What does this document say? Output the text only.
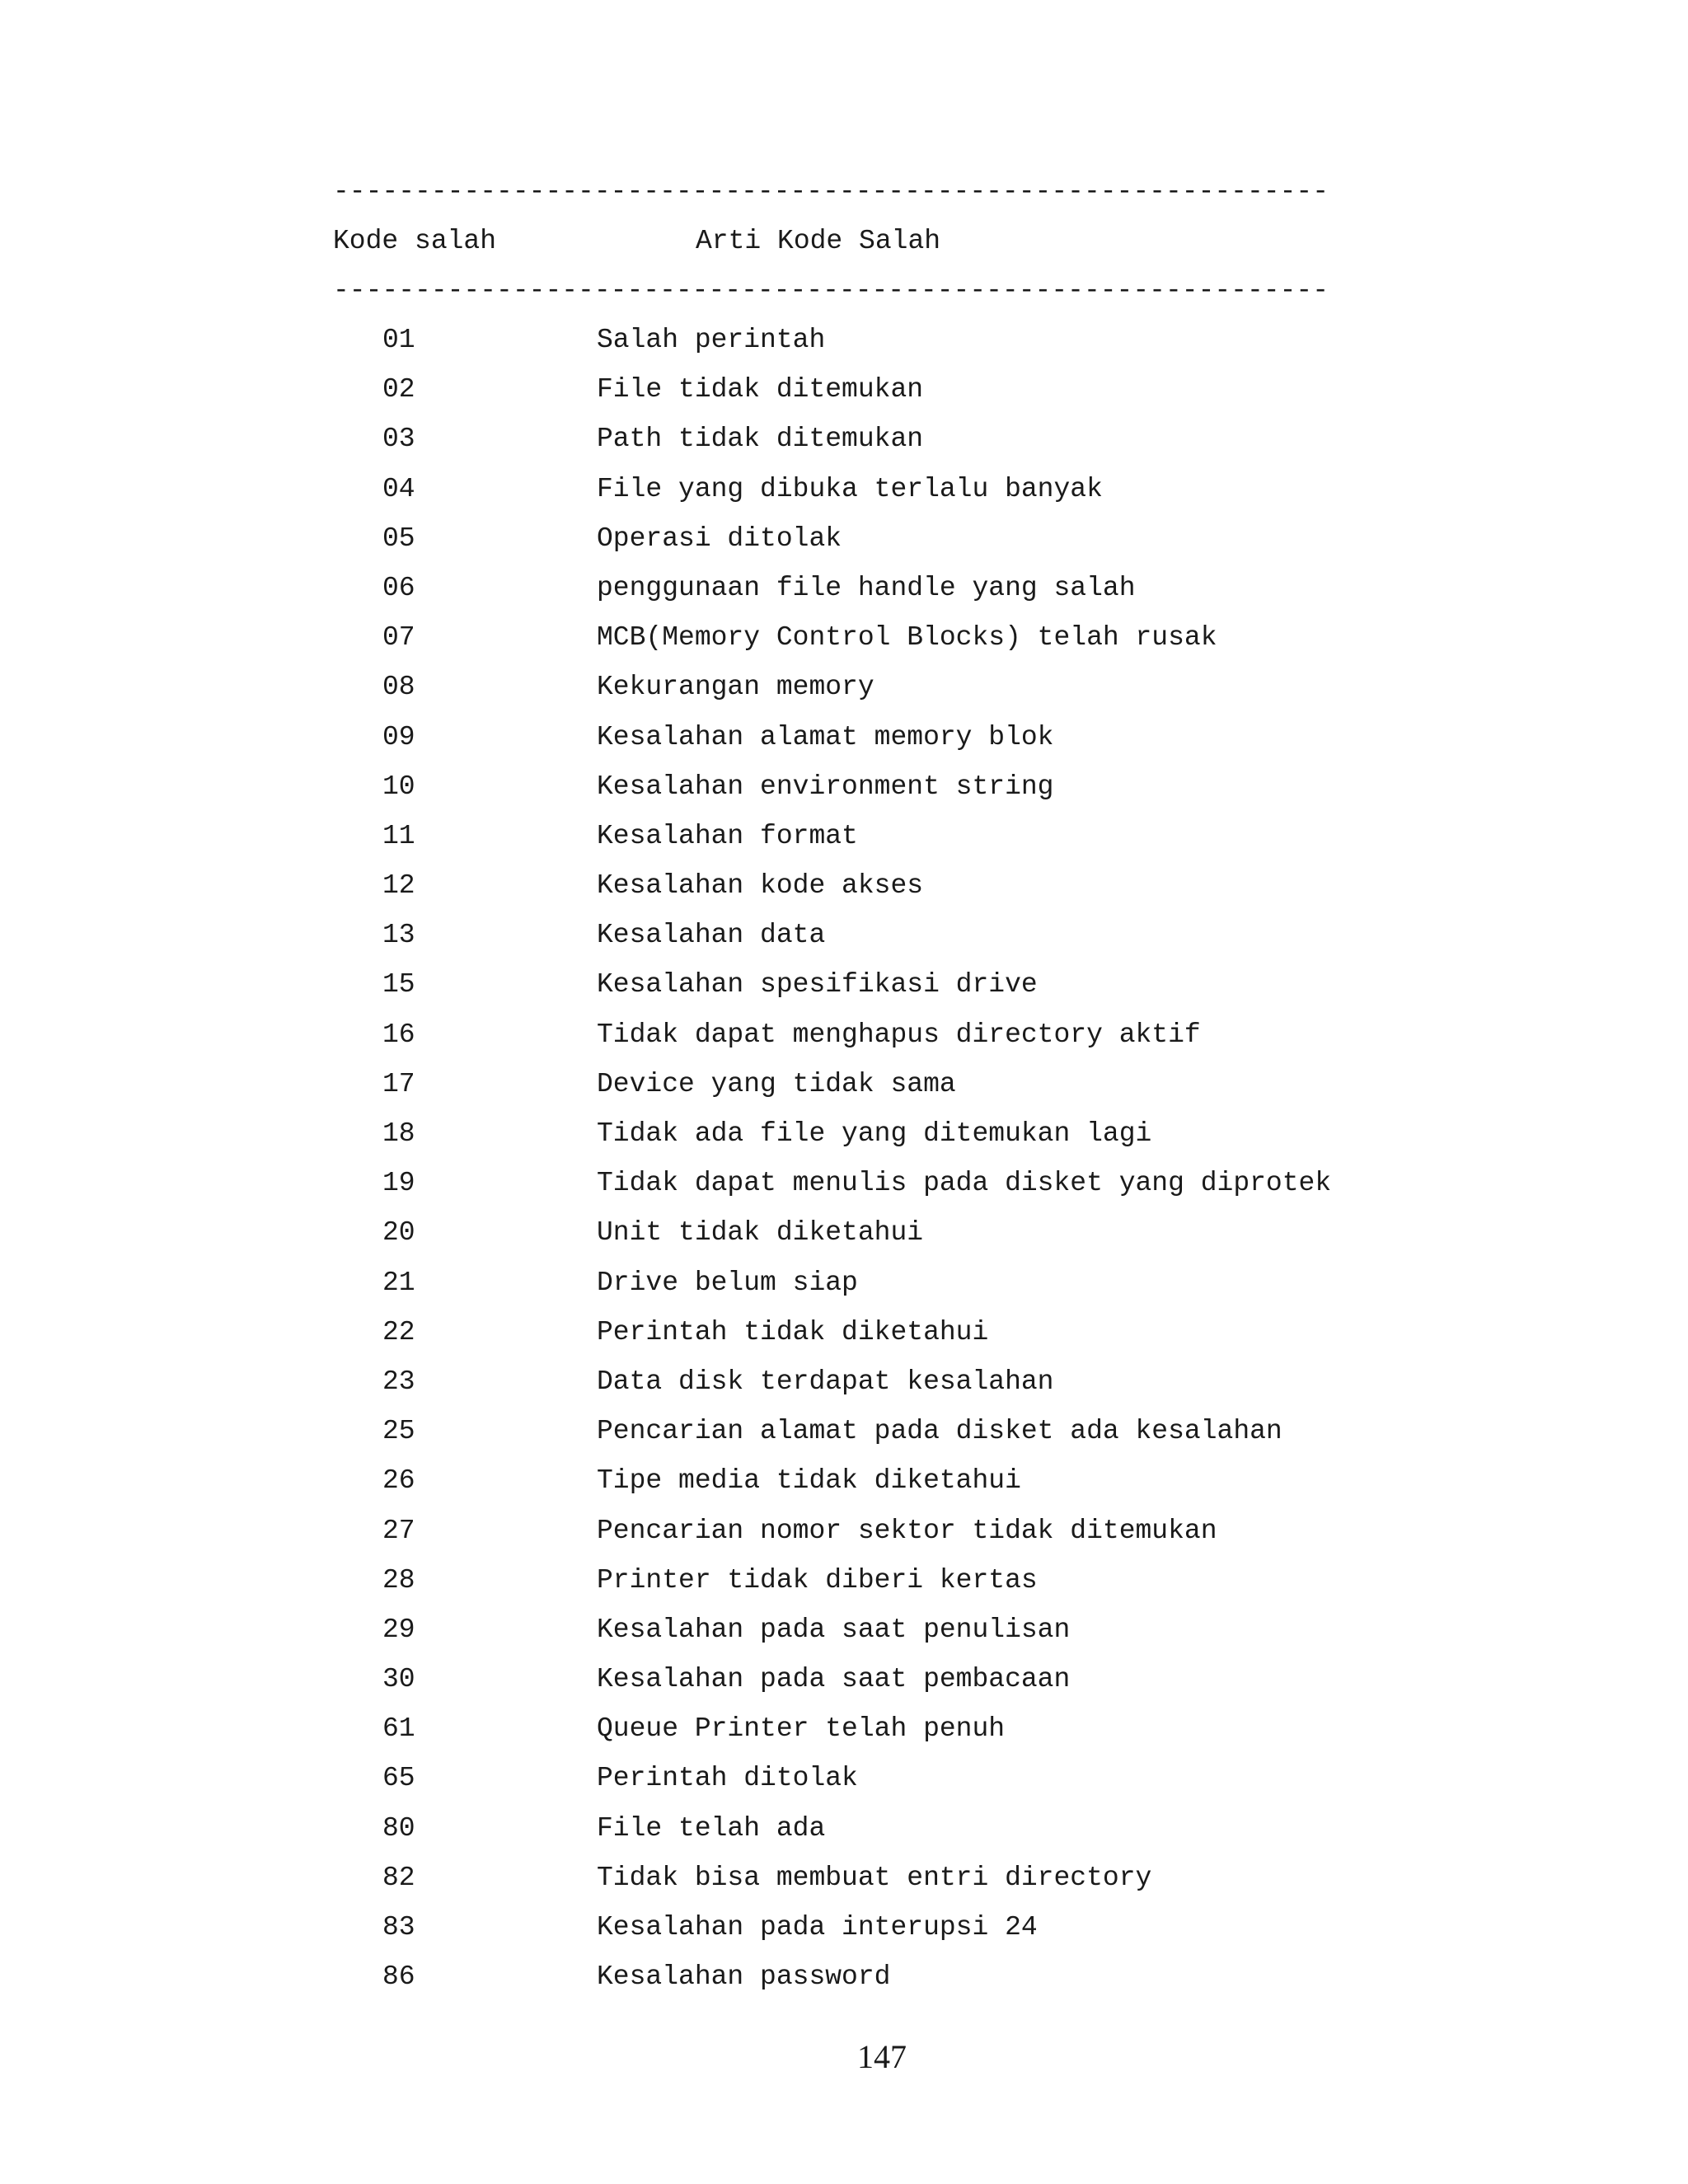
-------------------------------------------------------------
Kode salah	Arti Kode Salah
-------------------------------------------------------------
01	Salah perintah
02	File tidak ditemukan
03	Path tidak ditemukan
04	File yang dibuka terlalu banyak
05	Operasi ditolak
06	penggunaan file handle yang salah
07	MCB(Memory Control Blocks) telah rusak
08	Kekurangan memory
09	Kesalahan alamat memory blok
10	Kesalahan environment string
11	Kesalahan format
12	Kesalahan kode akses
13	Kesalahan data
15	Kesalahan spesifikasi drive
16	Tidak dapat menghapus directory aktif
17	Device yang tidak sama
18	Tidak ada file yang ditemukan lagi
19	Tidak dapat menulis pada disket yang diprotek
20	Unit tidak diketahui
21	Drive belum siap
22	Perintah tidak diketahui
23	Data disk terdapat kesalahan
25	Pencarian alamat pada disket ada kesalahan
26	Tipe media tidak diketahui
27	Pencarian nomor sektor tidak ditemukan
28	Printer tidak diberi kertas
29	Kesalahan pada saat penulisan
30	Kesalahan pada saat pembacaan
61	Queue Printer telah penuh
65	Perintah ditolak
80	File telah ada
82	Tidak bisa membuat entri directory
83	Kesalahan pada interupsi 24
86	Kesalahan password
147
